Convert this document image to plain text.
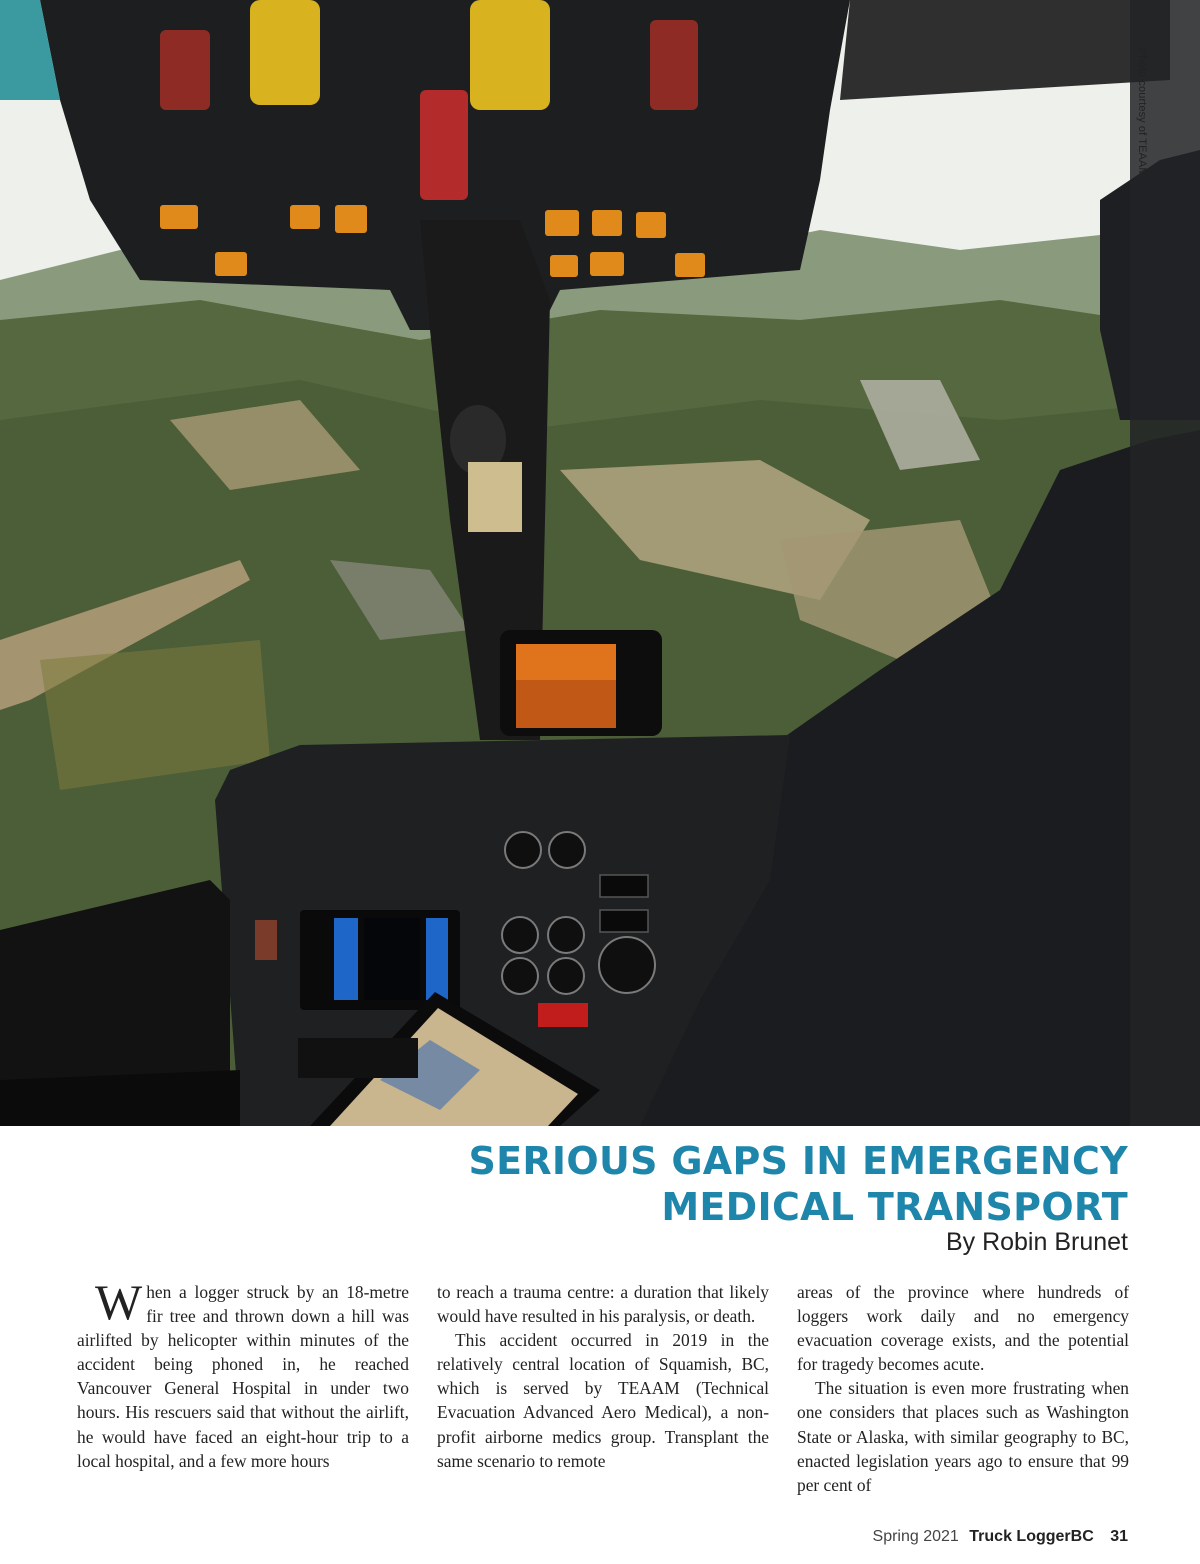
Photo courtesy of TEAAM
SERIOUS GAPS IN EMERGENCY
MEDICAL TRANSPORT
By Robin Brunet

When a logger struck by an 18-metre fir tree and thrown down a hill was airlifted by helicopter within minutes of the accident being phoned in, he reached Vancouver General Hospital in under two hours. His rescuers said that without the airlift, he would have faced an eight-hour trip to a local hospital, and a few more hours

to reach a trauma centre: a duration that likely would have resulted in his paralysis, or death.

This accident occurred in 2019 in the relatively central location of Squamish, BC, which is served by TEAAM (Technical Evacuation Advanced Aero Medical), a non-profit airborne medics group. Transplant the same scenario to remote

areas of the province where hundreds of loggers work daily and no emergency evacuation coverage exists, and the potential for tragedy becomes acute.

The situation is even more frustrating when one considers that places such as Washington State or Alaska, with similar geography to BC, enacted legislation years ago to ensure that 99 per cent of

Spring 2021 Truck LoggerBC 31
